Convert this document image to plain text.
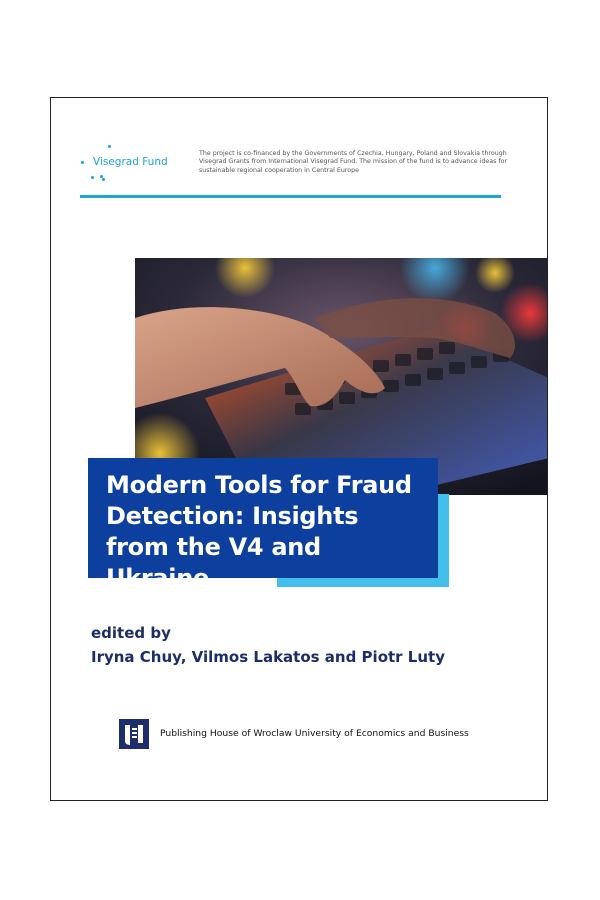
Visegrad Fund
The project is co-financed by the Governments of Czechia, Hungary, Poland and Slovakia through Visegrad Grants from International Visegrad Fund. The mission of the fund is to advance ideas for sustainable regional cooperation in Central Europe
Modern Tools for Fraud Detection: Insights from the V4 and Ukraine
edited by
Iryna Chuy, Vilmos Lakatos and Piotr Luty
Publishing House of Wroclaw University of Economics and Business
